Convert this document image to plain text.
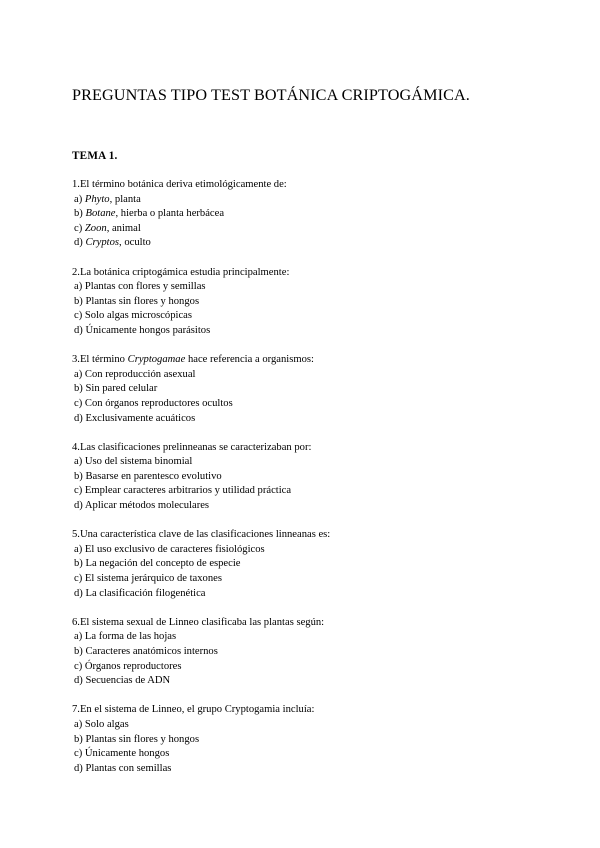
PREGUNTAS TIPO TEST BOTÁNICA CRIPTOGÁMICA.
TEMA 1.
1.El término botánica deriva etimológicamente de:
a) Phyto, planta
b) Botane, hierba o planta herbácea
c) Zoon, animal
d) Cryptos, oculto
2.La botánica criptogámica estudia principalmente:
a) Plantas con flores y semillas
b) Plantas sin flores y hongos
c) Solo algas microscópicas
d) Únicamente hongos parásitos
3.El término Cryptogamae hace referencia a organismos:
a) Con reproducción asexual
b) Sin pared celular
c) Con órganos reproductores ocultos
d) Exclusivamente acuáticos
4.Las clasificaciones prelinneanas se caracterizaban por:
a) Uso del sistema binomial
b) Basarse en parentesco evolutivo
c) Emplear caracteres arbitrarios y utilidad práctica
d) Aplicar métodos moleculares
5.Una característica clave de las clasificaciones linneanas es:
a) El uso exclusivo de caracteres fisiológicos
b) La negación del concepto de especie
c) El sistema jerárquico de taxones
d) La clasificación filogenética
6.El sistema sexual de Linneo clasificaba las plantas según:
a) La forma de las hojas
b) Caracteres anatómicos internos
c) Órganos reproductores
d) Secuencias de ADN
7.En el sistema de Linneo, el grupo Cryptogamia incluía:
a) Solo algas
b) Plantas sin flores y hongos
c) Únicamente hongos
d) Plantas con semillas
